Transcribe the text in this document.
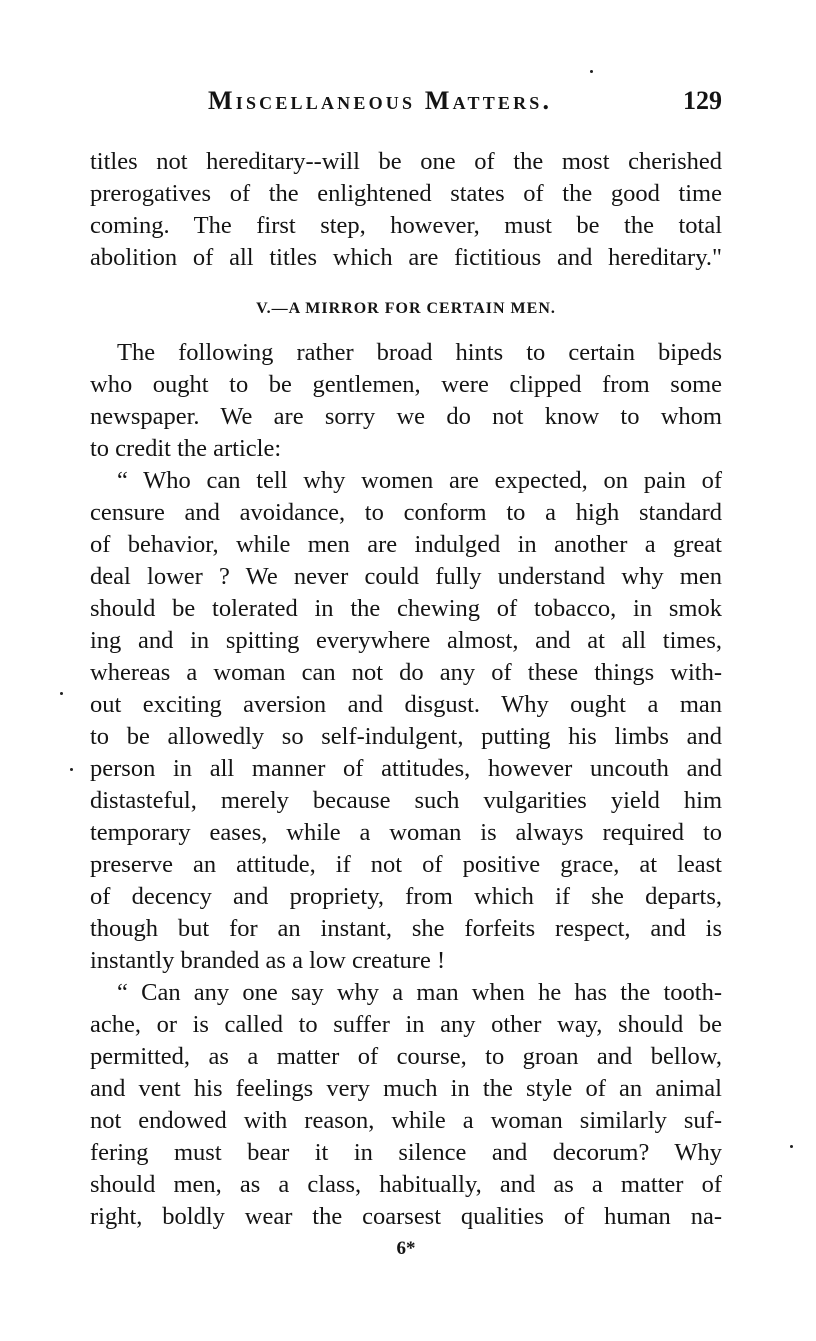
Miscellaneous Matters.	129
titles not hereditary--will be one of the most cherished
prerogatives of the enlightened states of the good time
coming. The first step, however, must be the total
abolition of all titles which are fictitious and hereditary."
V.—A MIRROR FOR CERTAIN MEN.
The following rather broad hints to certain bipeds
who ought to be gentlemen, were clipped from some
newspaper. We are sorry we do not know to whom
to credit the article:
“ Who can tell why women are expected, on pain of
censure and avoidance, to conform to a high standard
of behavior, while men are indulged in another a great
deal lower ? We never could fully understand why men
should be tolerated in the chewing of tobacco, in smok
ing and in spitting everywhere almost, and at all times,
whereas a woman can not do any of these things with-
out exciting aversion and disgust. Why ought a man
to be allowedly so self-indulgent, putting his limbs and
person in all manner of attitudes, however uncouth and
distasteful, merely because such vulgarities yield him
temporary eases, while a woman is always required to
preserve an attitude, if not of positive grace, at least
of decency and propriety, from which if she departs,
though but for an instant, she forfeits respect, and is
instantly branded as a low creature !
“ Can any one say why a man when he has the tooth-
ache, or is called to suffer in any other way, should be
permitted, as a matter of course, to groan and bellow,
and vent his feelings very much in the style of an animal
not endowed with reason, while a woman similarly suf-
fering must bear it in silence and decorum? Why
should men, as a class, habitually, and as a matter of
right, boldly wear the coarsest qualities of human na-
6*
